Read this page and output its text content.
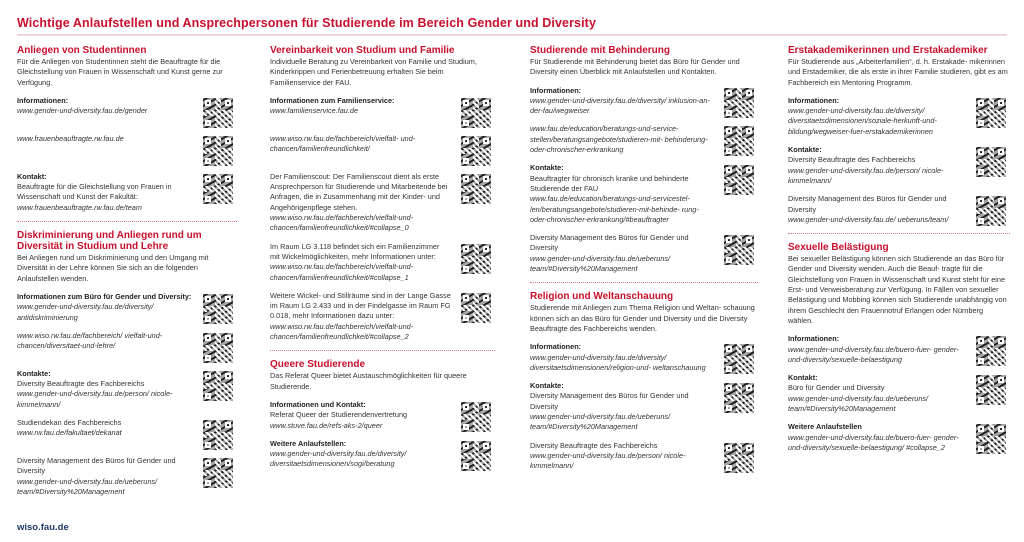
Wichtige Anlaufstellen und Ansprechpersonen für Studierende im Bereich Gender und Diversity
Anliegen von Studentinnen
Für die Anliegen von Studentinnen steht die Beauftragte für die Gleichstellung von Frauen in Wissenschaft und Kunst gerne zur Verfügung.
Informationen:
www.gender-und-diversity.fau.de/gender
www.frauenbeauftragte.rw.fau.de
Kontakt:
Beauftragte für die Gleichstellung von Frauen in Wissenschaft und Kunst der Fakultät:
www.frauenbeauftragte.rw.fau.de/team
Diskriminierung und Anliegen rund um Diversität in Studium und Lehre
Bei Anliegen rund um Diskriminierung und den Umgang mit Diversität in der Lehre können Sie sich an die folgenden Anlaufstellen wenden.
Informationen zum Büro für Gender und Diversity:
www.gender-und-diversity.fau.de/diversity/ antidiskriminierung
www.wiso.rw.fau.de/fachbereich/ vielfalt-und-chancen/diversitaet-und-lehre/
Kontakte:
Diversity Beauftragte des Fachbereichs
www.gender-und-diversity.fau.de/person/ nicole-kimmelmann/
Studiendekan des Fachbereichs
www.rw.fau.de/fakultaet/dekanat
Diversity Management des Büros für Gender und Diversity
www.gender-und-diversity.fau.de/ueberuns/ team/#Diversity%20Management
Vereinbarkeit von Studium und Familie
Individuelle Beratung zu Vereinbarkeit von Familie und Studium, Kinderkrippen und Ferienbetreuung erhalten Sie beim Familienservice der FAU.
Informationen zum Familienservice:
www.familienservice.fau.de
www.wiso.rw.fau.de/fachbereich/vielfalt- und-chancen/familienfreundlichkeit/
Der Familienscout: Der Familienscout dient als erste Ansprechperson für Studierende und Mitarbeitende bei Anfragen, die in Zusammenhang mit der Kinder- und Angehörigenpflege stehen.
www.wiso.rw.fau.de/fachbereich/vielfalt-und- chancen/familienfreundlichkeit/#collapse_0
Im Raum LG 3.118 befindet sich ein Familienzimmer mit Wickelmöglichkeiten, mehr Informationen unter:
www.wiso.rw.fau.de/fachbereich/vielfalt-und- chancen/familienfreundlichkeit/#collapse_1
Weitere Wickel- und Stillräume sind in der Lange Gasse im Raum LG 2.433 und in der Findelgasse im Raum FG 0.018, mehr Informationen dazu unter:
www.wiso.rw.fau.de/fachbereich/vielfalt-und- chancen/familienfreundlichkeit/#collapse_2
Queere Studierende
Das Referat Queer bietet Austauschmöglichkeiten für queere Studierende.
Informationen und Kontakt:
Referat Queer der Studierendenvertretung
www.stuve.fau.de/refs-aks-2/queer
Weitere Anlaufstellen:
www.gender-und-diversity.fau.de/diversity/ diversitaetsdimensionen/sogi/beratung
Studierende mit Behinderung
Für Studierende mit Behinderung bietet das Büro für Gender und Diversity einen Überblick mit Anlaufstellen und Kontakten.
Informationen:
www.gender-und-diversity.fau.de/diversity/ inklusion-an-der-fau/wegweiser
www.fau.de/education/beratungs-und-service- stellen/beratungsangebote/studieren-mit- behinderung-oder-chronischer-erkrankung
Kontakte:
Beauftragter für chronisch kranke und behinderte Studierende der FAU
www.fau.de/education/beratungs-und-servicestel- len/beratungsangebote/studieren-mit-behinde- rung-oder-chronischer-erkrankung/#beauftragter
Diversity Management des Büros für Gender und Diversity
www.gender-und-diversity.fau.de/ueberuns/ team/#Diversity%20Management
Religion und Weltanschauung
Studierende mit Anliegen zum Thema Religion und Weltan- schauung können sich an das Büro für Gender und Diversity und die Diversity Beauftragte des Fachbereichs wenden.
Informationen:
www.gender-und-diversity.fau.de/diversity/ diversitaetsdimensionen/religion-und- weltanschauung
Kontakte:
Diversity Management des Büros für Gender und Diversity
www.gender-und-diversity.fau.de/ueberuns/ team/#Diversity%20Management
Diversity Beauftragte des Fachbereichs
www.gender-und-diversity.fau.de/person/ nicole-kimmelmann/
Erstakademikerinnen und Erstakademiker
Für Studierende aus „Arbeiterfamilien“, d. h. Erstakade- mikerinnen und Erstademiker, die als erste in ihrer Familie studieren, gibt es am Fachbereich ein Mentoring Programm.
Informationen:
www.gender-und-diversity.fau.de/diversity/ diversitaetsdimensionen/soziale-herkunft-und- bildung/wegweiser-fuer-erstakademikerinnen
Kontakte:
Diversity Beauftragte des Fachbereichs
www.gender-und-diversity.fau.de/person/ nicole-kimmelmann/
Diversity Management des Büros für Gender und Diversity
www.gender-und-diversity.fau.de/ ueberuns/team/
Sexuelle Belästigung
Bei sexueller Belästigung können sich Studierende an das Büro für Gender und Diversity wenden. Auch die Beauf- tragte für die Gleichstellung von Frauen in Wissenschaft und Kunst steht für eine Erst- und Verweisberatung zur Verfügung. In Fällen von sexueller Belästigung und Mobbing können sich Studierende unabhängig von ihrem Geschlecht den Frauennotruf Erlangen oder Nürnberg wählen.
Informationen:
www.gender-und-diversity.fau.de/buero-fuer- gender-und-diversity/sexuelle-belaestigung
Kontakt:
Büro für Gender und Diversity
www.gender-und-diversity.fau.de/ueberuns/ team/#Diversity%20Management
Weitere Anlaufstellen
www.gender-und-diversity.fau.de/buero-fuer- gender-und-diversity/sexuelle-belaestigung/ #collapse_2
wiso.fau.de
